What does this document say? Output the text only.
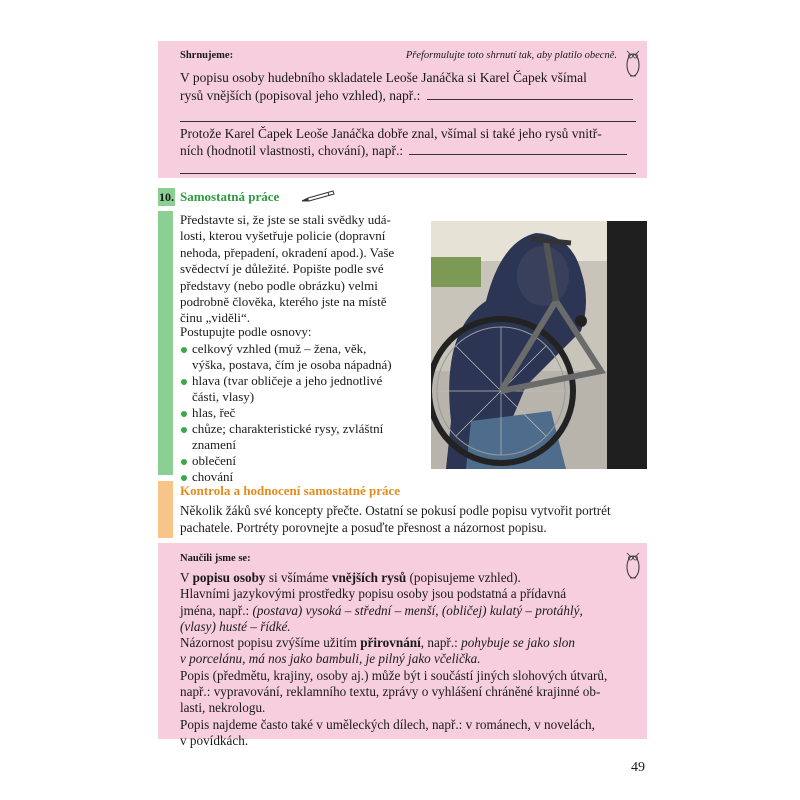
Shrnujeme:	Přeformulujte toto shrnutí tak, aby platilo obecně.
V popisu osoby hudebního skladatele Leoše Janáčka si Karel Čapek všímal
rysů vnějších (popisoval jeho vzhled), např.:
Protože Karel Čapek Leoše Janáčka dobře znal, všímal si také jeho rysů vnitř-
ních (hodnotil vlastnosti, chování), např.:
10. Samostatná práce
Představte si, že jste se stali svědky udá-
losti, kterou vyšetřuje policie (dopravní
nehoda, přepadení, okradení apod.). Vaše
svědectví je důležité. Popište podle své
představy (nebo podle obrázku) velmi
podrobně člověka, kterého jste na místě
činu „viděli“.
Postupujte podle osnovy:
celkový vzhled (muž – žena, věk,
výška, postava, čím je osoba nápadná)
hlava (tvar obličeje a jeho jednotlivé
části, vlasy)
hlas, řeč
chůze; charakteristické rysy, zvláštní
znamení
oblečení
chování
Kontrola a hodnocení samostatné práce
Několik žáků své koncepty přečte. Ostatní se pokusí podle popisu vytvořit portrét
pachatele. Portréty porovnejte a posuďte přesnost a názornost popisu.
Naučili jsme se:
V popisu osoby si všímáme vnějších rysů (popisujeme vzhled).
Hlavními jazykovými prostředky popisu osoby jsou podstatná a přídavná
jména, např.: (postava) vysoká – střední – menší, (obličej) kulatý – protáhlý,
(vlasy) husté – řídké.
Názornost popisu zvýšíme užitím přirovnání, např.: pohybuje se jako slon
v porcelánu, má nos jako bambuli, je pilný jako včelička.
Popis (předmětu, krajiny, osoby aj.) může být i součástí jiných slohových útvarů,
např.: vypravování, reklamního textu, zprávy o vyhlášení chráněné krajinné ob-
lasti, nekrologu.
Popis najdeme často také v uměleckých dílech, např.: v románech, v novelách,
v povídkách.
49
